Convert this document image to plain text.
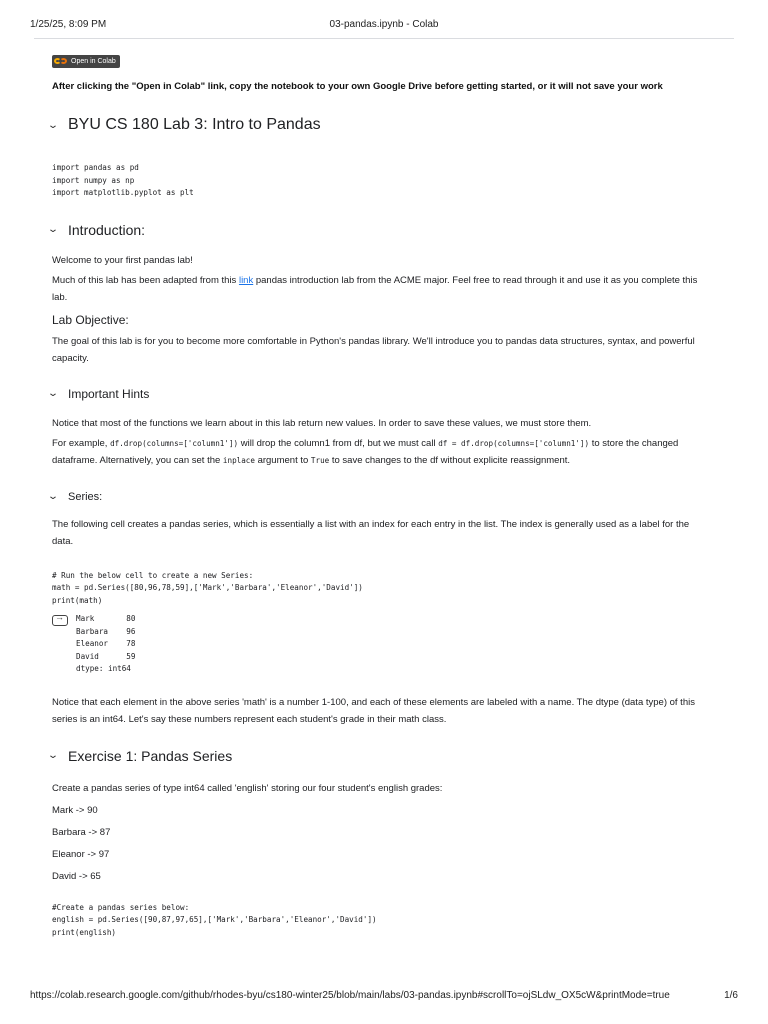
1/25/25, 8:09 PM	03-pandas.ipynb - Colab
Open in Colab
After clicking the "Open in Colab" link, copy the notebook to your own Google Drive before getting started, or it will not save your work
⌄ BYU CS 180 Lab 3: Intro to Pandas
import pandas as pd
import numpy as np
import matplotlib.pyplot as plt
⌄ Introduction:
Welcome to your first pandas lab!
Much of this lab has been adapted from this link pandas introduction lab from the ACME major. Feel free to read through it and use it as you complete this lab.
Lab Objective:
The goal of this lab is for you to become more comfortable in Python's pandas library. We'll introduce you to pandas data structures, syntax, and powerful capacity.
⌄ Important Hints
Notice that most of the functions we learn about in this lab return new values. In order to save these values, we must store them.
For example, df.drop(columns=['column1']) will drop the column1 from df, but we must call df = df.drop(columns=['column1']) to store the changed dataframe. Alternatively, you can set the inplace argument to True to save changes to the df without explicite reassignment.
⌄ Series:
The following cell creates a pandas series, which is essentially a list with an index for each entry in the list. The index is generally used as a label for the data.
# Run the below cell to create a new Series:
math = pd.Series([80,96,78,59],['Mark','Barbara','Eleanor','David'])
print(math)
→
Mark       80
Barbara    96
Eleanor    78
David      59
dtype: int64
Notice that each element in the above series 'math' is a number 1-100, and each of these elements are labeled with a name. The dtype (data type) of this series is an int64. Let's say these numbers represent each student's grade in their math class.
⌄ Exercise 1: Pandas Series
Create a pandas series of type int64 called 'english' storing our four student's english grades:
Mark -> 90
Barbara -> 87
Eleanor -> 97
David -> 65
#Create a pandas series below:
english = pd.Series([90,87,97,65],['Mark','Barbara','Eleanor','David'])
print(english)
https://colab.research.google.com/github/rhodes-byu/cs180-winter25/blob/main/labs/03-pandas.ipynb#scrollTo=ojSLdw_OX5cW&printMode=true	1/6
